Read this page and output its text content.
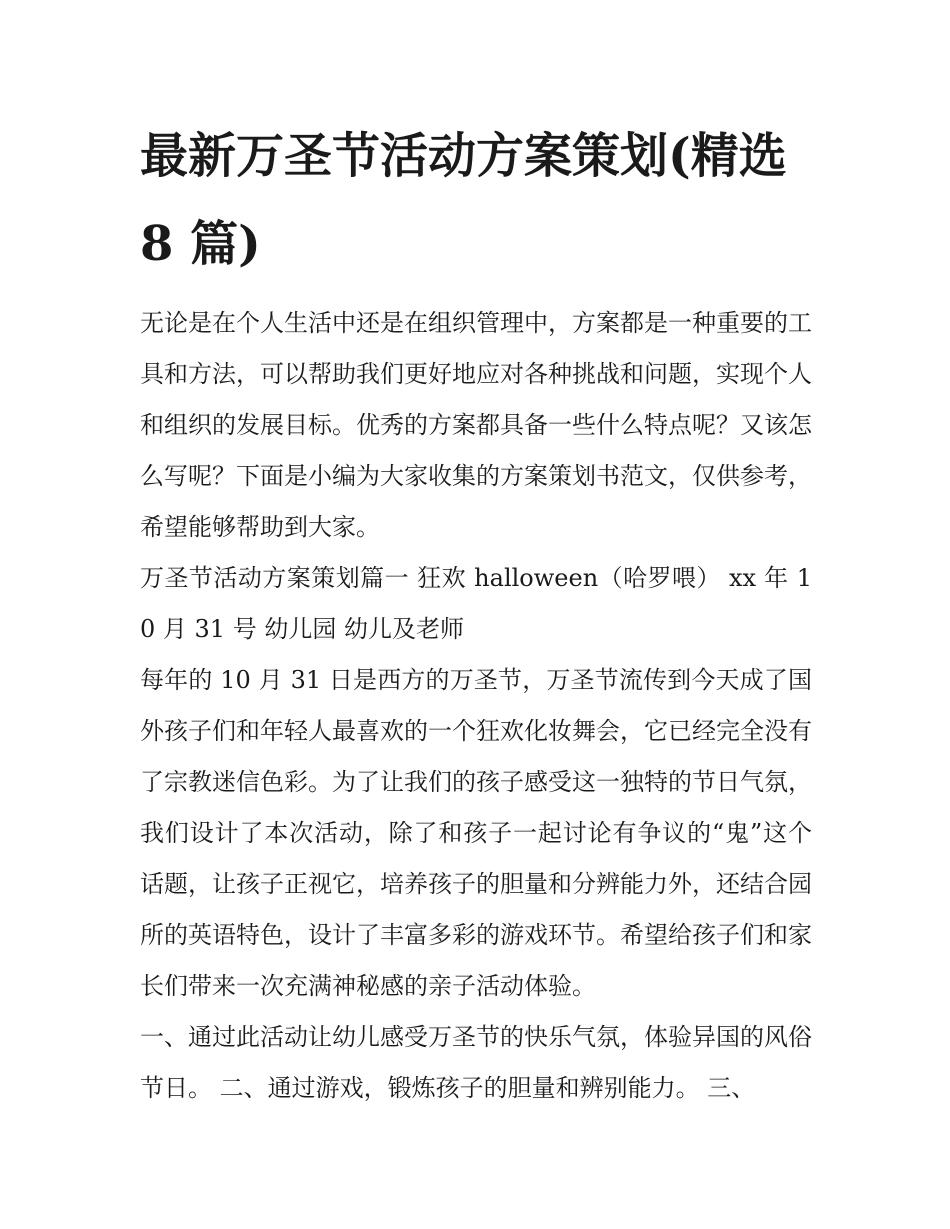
最新万圣节活动方案策划(精选 8 篇)

无论是在个人生活中还是在组织管理中，方案都是一种重要的工具和方法，可以帮助我们更好地应对各种挑战和问题，实现个人和组织的发展目标。优秀的方案都具备一些什么特点呢？又该怎么写呢？下面是小编为大家收集的方案策划书范文，仅供参考，希望能够帮助到大家。

万圣节活动方案策划篇一 狂欢 halloween（哈罗喂） xx 年 10 月 31 号 幼儿园 幼儿及老师

每年的 10 月 31 日是西方的万圣节，万圣节流传到今天成了国外孩子们和年轻人最喜欢的一个狂欢化妆舞会，它已经完全没有了宗教迷信色彩。为了让我们的孩子感受这一独特的节日气氛，我们设计了本次活动，除了和孩子一起讨论有争议的“鬼”这个话题，让孩子正视它，培养孩子的胆量和分辨能力外，还结合园所的英语特色，设计了丰富多彩的游戏环节。希望给孩子们和家长们带来一次充满神秘感的亲子活动体验。

一、通过此活动让幼儿感受万圣节的快乐气氛，体验异国的风俗节日。 二、通过游戏，锻炼孩子的胆量和辨别能力。 三、
